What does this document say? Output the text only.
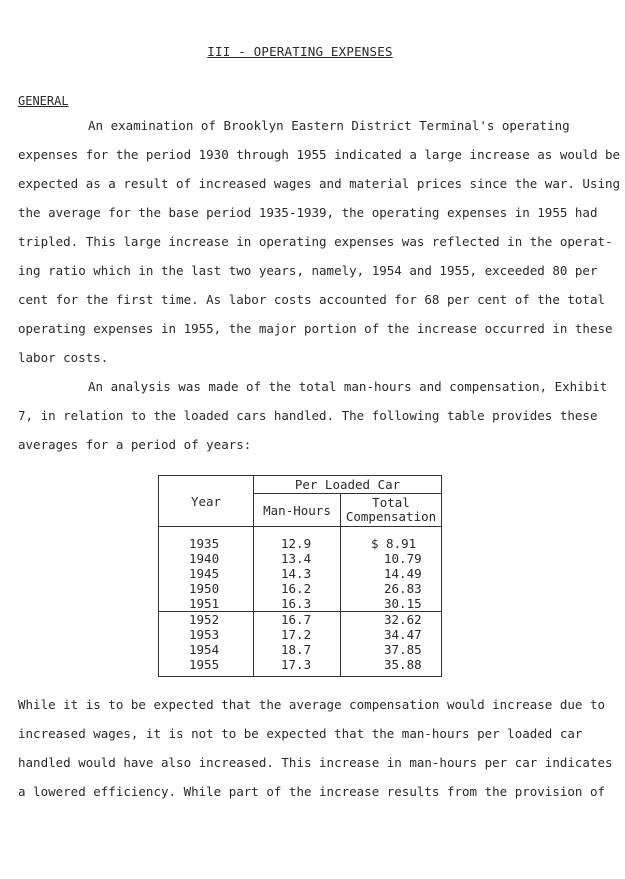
III - OPERATING EXPENSES
GENERAL
An examination of Brooklyn Eastern District Terminal's operating
expenses for the period 1930 through 1955 indicated a large increase as would be
expected as a result of increased wages and material prices since the war. Using
the average for the base period 1935-1939, the operating expenses in 1955 had
tripled. This large increase in operating expenses was reflected in the operat-
ing ratio which in the last two years, namely, 1954 and 1955, exceeded 80 per
cent for the first time. As labor costs accounted for 68 per cent of the total
operating expenses in 1955, the major portion of the increase occurred in these
labor costs.
An analysis was made of the total man-hours and compensation, Exhibit
7, in relation to the loaded cars handled. The following table provides these
averages for a period of years:
Year	Per Loaded Car	
	Man-Hours	Total
Compensation

1935	12.9	$ 8.91
1940	13.4	10.79
1945	14.3	14.49
1950	16.2	26.83
1951	16.3	30.15
1952	16.7	32.62
1953	17.2	34.47
1954	18.7	37.85
1955	17.3	35.88
While it is to be expected that the average compensation would increase due to
increased wages, it is not to be expected that the man-hours per loaded car
handled would have also increased. This increase in man-hours per car indicates
a lowered efficiency. While part of the increase results from the provision of
